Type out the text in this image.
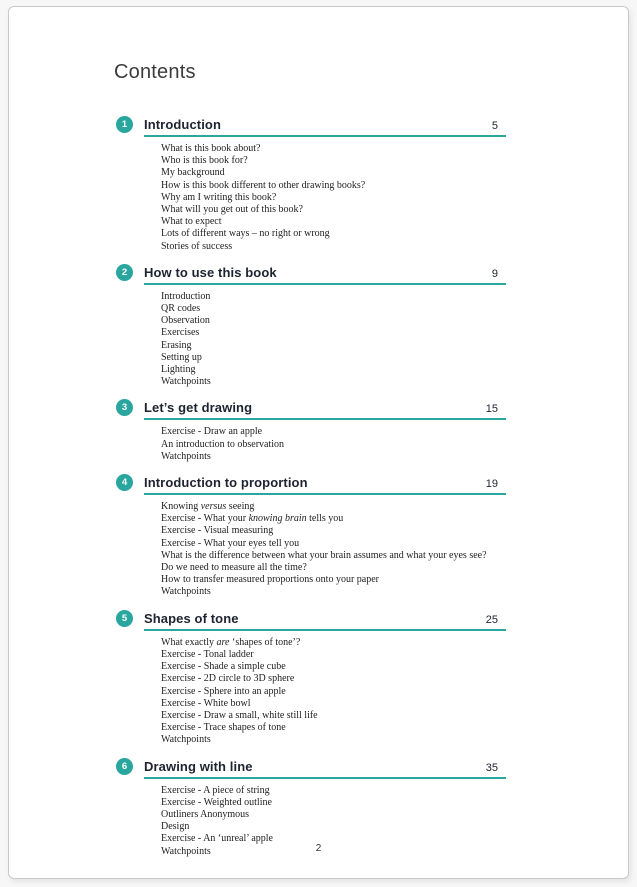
Contents
1	Introduction	5
What is this book about?
Who is this book for?
My background
How is this book different to other drawing books?
Why am I writing this book?
What will you get out of this book?
What to expect
Lots of different ways – no right or wrong
Stories of success
2	How to use this book	9
Introduction
QR codes
Observation
Exercises
Erasing
Setting up
Lighting
Watchpoints
3	Let’s get drawing	15
Exercise - Draw an apple
An introduction to observation
Watchpoints
4	Introduction to proportion	19
Knowing versus seeing
Exercise - What your knowing brain tells you
Exercise - Visual measuring
Exercise - What your eyes tell you
What is the difference between what your brain assumes and what your eyes see?
Do we need to measure all the time?
How to transfer measured proportions onto your paper
Watchpoints
5	Shapes of tone	25
What exactly are ‘shapes of tone’?
Exercise - Tonal ladder
Exercise - Shade a simple cube
Exercise - 2D circle to 3D sphere
Exercise - Sphere into an apple
Exercise - White bowl
Exercise - Draw a small, white still life
Exercise - Trace shapes of tone
Watchpoints
6	Drawing with line	35
Exercise - A piece of string
Exercise - Weighted outline
Outliners Anonymous
Design
Exercise - An ‘unreal’ apple
Watchpoints	2
